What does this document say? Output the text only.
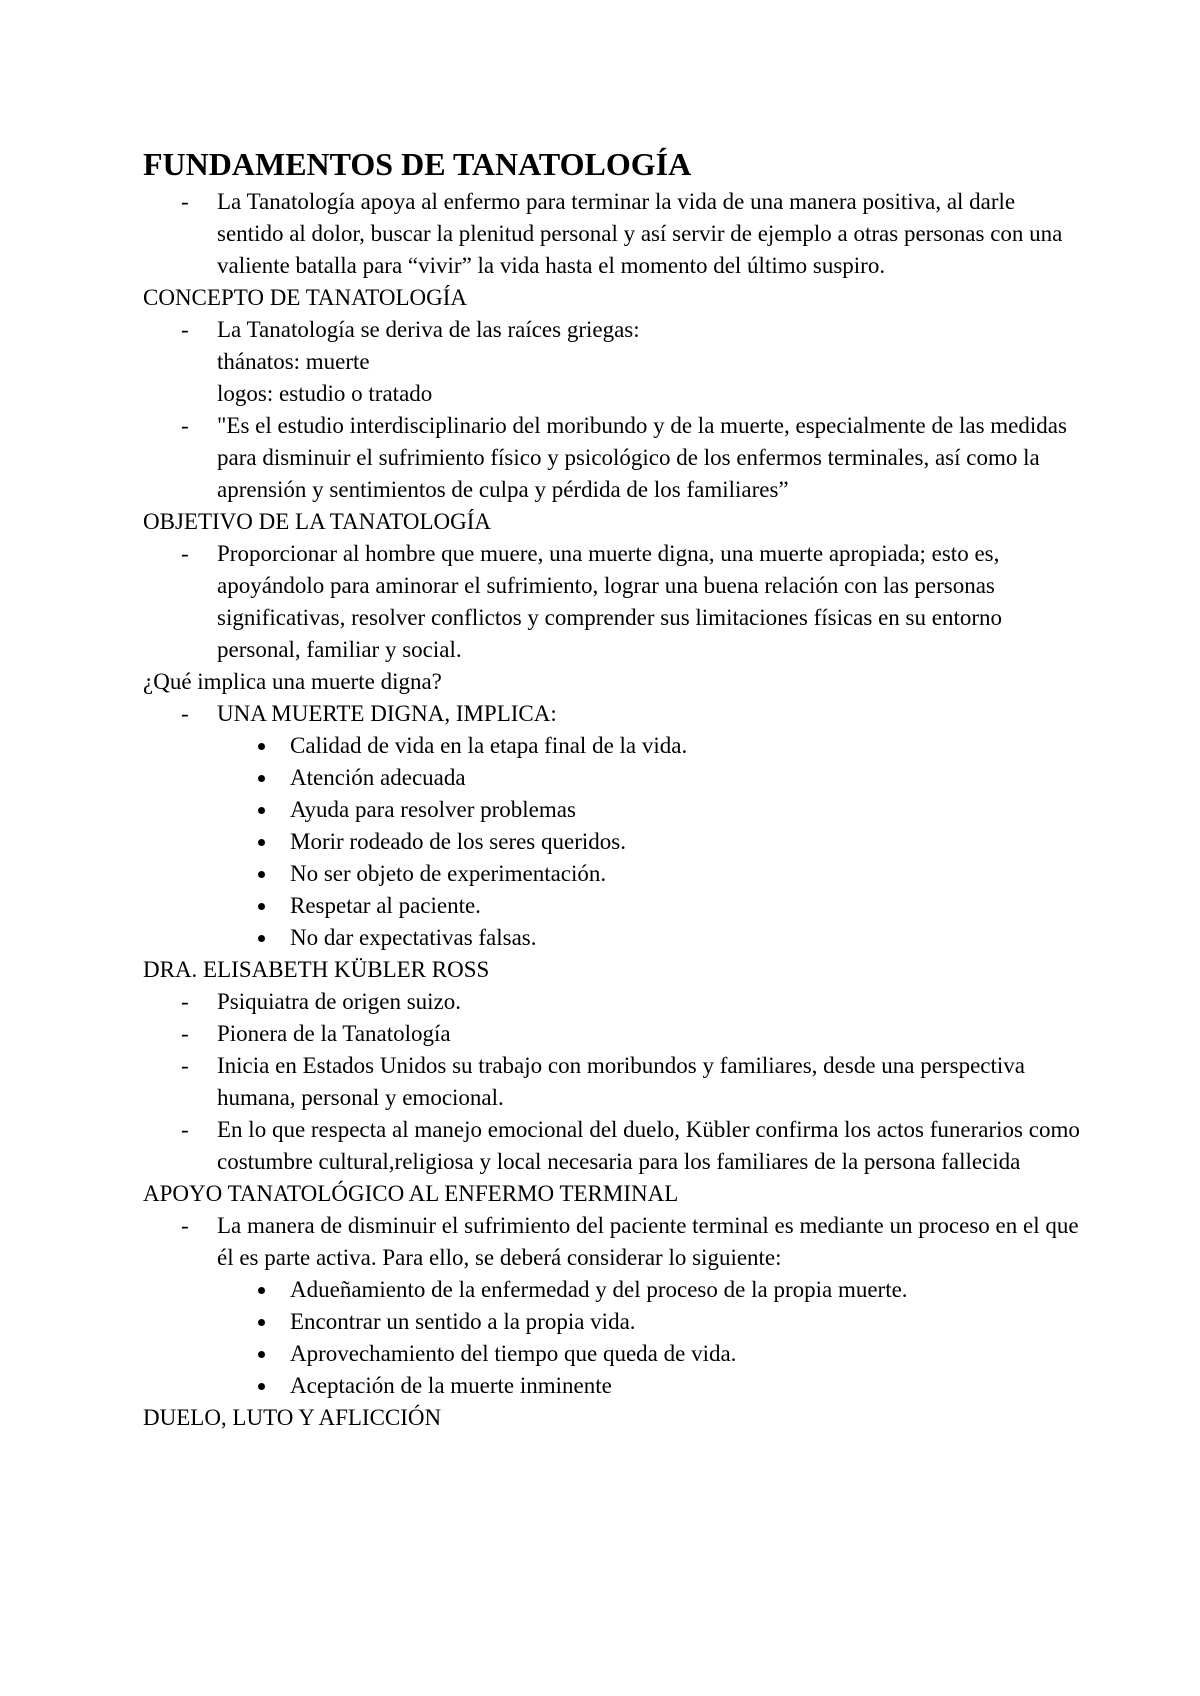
FUNDAMENTOS DE TANATOLOGÍA
- La Tanatología apoya al enfermo para terminar la vida de una manera positiva, al darle sentido al dolor, buscar la plenitud personal y así servir de ejemplo a otras personas con una valiente batalla para “vivir” la vida hasta el momento del último suspiro.
CONCEPTO DE TANATOLOGÍA
- La Tanatología se deriva de las raíces griegas:
thánatos: muerte
logos: estudio o tratado
- "Es el estudio interdisciplinario del moribundo y de la muerte, especialmente de las medidas para disminuir el sufrimiento físico y psicológico de los enfermos terminales, así como la aprensión y sentimientos de culpa y pérdida de los familiares”
OBJETIVO DE LA TANATOLOGÍA
- Proporcionar al hombre que muere, una muerte digna, una muerte apropiada; esto es, apoyándolo para aminorar el sufrimiento, lograr una buena relación con las personas significativas, resolver conflictos y comprender sus limitaciones físicas en su entorno personal, familiar y social.
¿Qué implica una muerte digna?
- UNA MUERTE DIGNA, IMPLICA:
Calidad de vida en la etapa final de la vida.
Atención adecuada
Ayuda para resolver problemas
Morir rodeado de los seres queridos.
No ser objeto de experimentación.
Respetar al paciente.
No dar expectativas falsas.
DRA. ELISABETH KÜBLER ROSS
- Psiquiatra de origen suizo.
- Pionera de la Tanatología
- Inicia en Estados Unidos su trabajo con moribundos y familiares, desde una perspectiva humana, personal y emocional.
- En lo que respecta al manejo emocional del duelo, Kübler confirma los actos funerarios como costumbre cultural,religiosa y local necesaria para los familiares de la persona fallecida
APOYO TANATOLÓGICO AL ENFERMO TERMINAL
- La manera de disminuir el sufrimiento del paciente terminal es mediante un proceso en el que él es parte activa. Para ello, se deberá considerar lo siguiente:
Adueñamiento de la enfermedad y del proceso de la propia muerte.
Encontrar un sentido a la propia vida.
Aprovechamiento del tiempo que queda de vida.
Aceptación de la muerte inminente
DUELO, LUTO Y AFLICCIÓN
